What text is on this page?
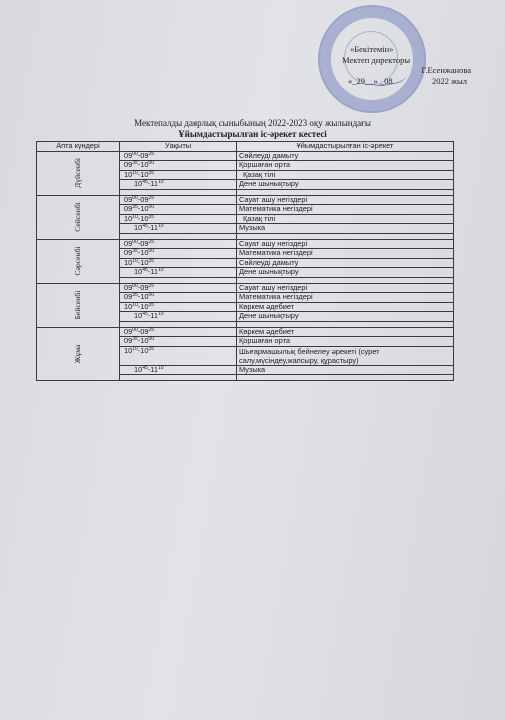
«Бекітемін»
Мектеп директоры
Г.Есенжанова
«_29__» _08	2022 жыл
Мектепалды даярлық сыныбының 2022-2023 оқу жылындағы
Ұйымдастырылған іс-әрекет кестесі
Апта күндері	Уақыты	Ұйымдастырылған іс-әрекет

Дүйсенбі	$09^{00}-09^{25}$	Сөйлеуді дамыту
	$09^{35}-10^{00}$	Қоршаған орта
	$10^{10}-10^{35}$	Қазақ тілі
	$10^{45}-11^{10}$	Дене шынықтыру

Сейсенбі	$09^{00}-09^{25}$	Сауат ашу негіздері
	$09^{35}-10^{00}$	Математика негіздері
	$10^{10}-10^{35}$	Қазақ тілі
	$10^{45}-11^{10}$	Музыка

Сәрсенбі	$09^{00}-09^{25}$	Сауат ашу негіздері
	$09^{35}-10^{00}$	Математика негіздері
	$10^{10}-10^{35}$	Сөйлеуді дамыту
	$10^{45}-11^{10}$	Дене шынықтыру

Бейсенбі	$09^{00}-09^{25}$	Сауат ашу негіздері
	$09^{35}-10^{00}$	Математика негіздері
	$10^{10}-10^{35}$	Көркем әдебиет
	$10^{45}-11^{10}$	Дене шынықтыру

Жұма	$09^{00}-09^{25}$	Көркем әдебиет
	$09^{35}-10^{00}$	Қоршаған орта
	$10^{10}-10^{35}$	Шығармашылық бейнелеу әрекеті (сурет салу,мүсіндеу,жапсыру, құрастыру)
	$10^{45}-11^{10}$	Музыка
